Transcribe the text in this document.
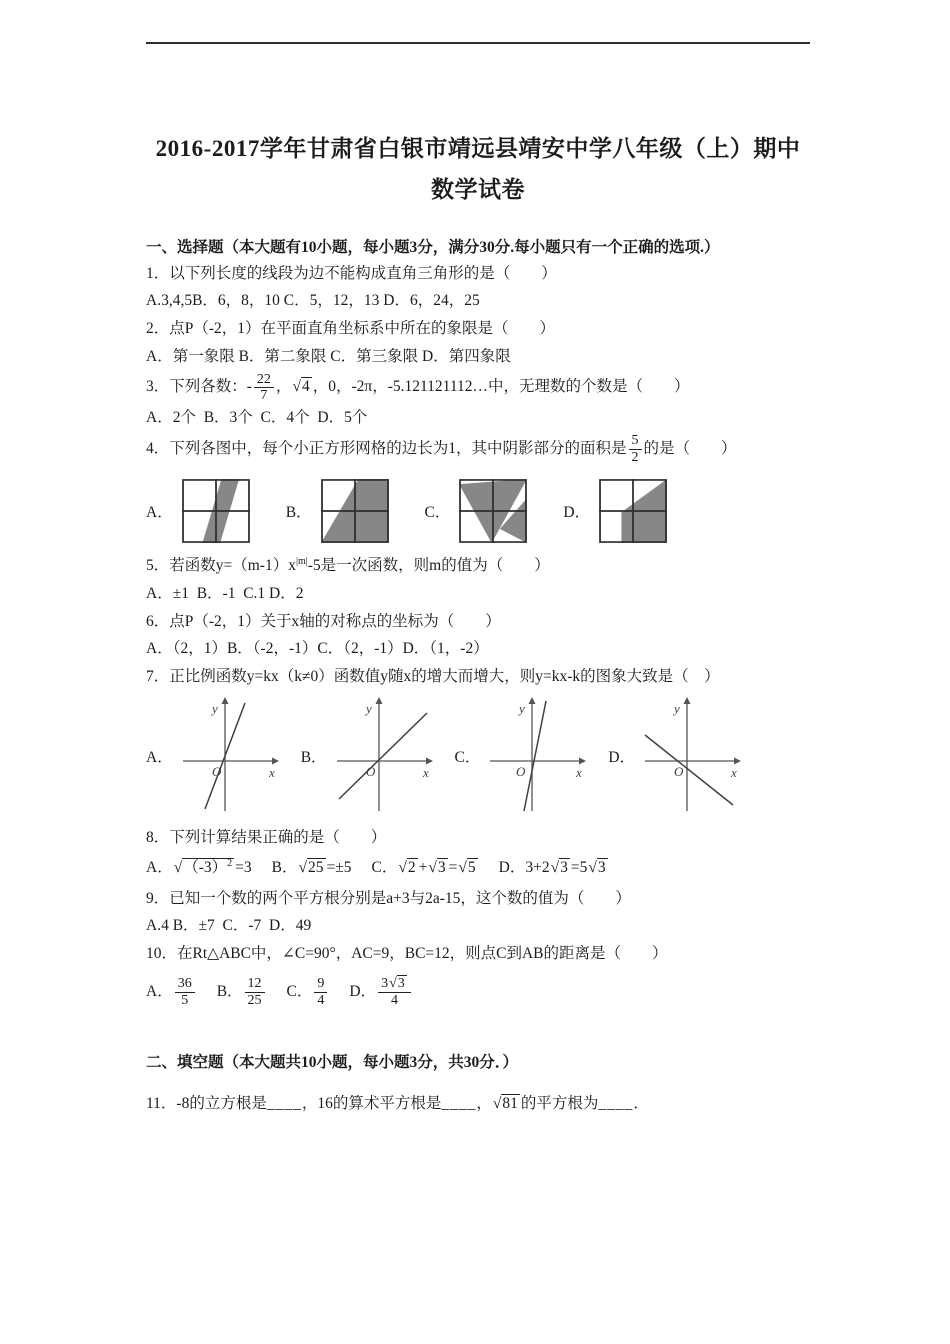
2016-2017学年甘肃省白银市靖远县靖安中学八年级（上）期中
数学试卷

一、选择题（本大题有10小题，每小题3分，满分30分.每小题只有一个正确的选项.）

1．以下列长度的线段为边不能构成直角三角形的是（　　）

A.3,4,5B．6，8，10 C．5，12，13 D．6，24，25

2．点P（-2，1）在平面直角坐标系中所在的象限是（　　）

A．第一象限 B．第二象限 C．第三象限 D．第四象限

3．下列各数：- $\frac{22}{7}$ ，√4 ，0，-2π，-5.121121112…中，无理数的个数是（　　）

A．2个  B．3个  C．4个  D．5个

4．下列各图中，每个小正方形网格的边长为1，其中阴影部分的面积是 $\frac{5}{2}$ 的是（　　）

A．	B．	C．	D．

5．若函数$y=(m-1)x^{|m|}-5$是一次函数，则m的值为（　　）

A．±1  B．-1  C.1 D．2

6．点P（-2，1）关于x轴的对称点的坐标为（　　）

A．（2，1）B．（-2，-1）C．（2，-1）D．（1，-2）

7．正比例函数y=kx（k≠0）函数值y随x的增大而增大，则y=kx-k的图象大致是（　）

A．
y
x
O
B．
y
x
O
C．
y
x
O
D．
y
x
O

8．下列计算结果正确的是（　　）

A．$√(-3)^2 =3$ B．√25 =±5 C．√2 +√3 =√5 D．3+2√3 =5√3

9．已知一个数的两个平方根分别是a+3与2a-15，这个数的值为（　　）

A.4 B．±7  C．-7  D．49

10．在Rt△ABC中，∠C=90°，AC=9，BC=12，则点C到AB的距离是（　　）

A． $\frac{36}{5}$ B． $\frac{12}{25}$ C． $\frac{9}{4}$ D． $\frac{3√3}{4}$

二、填空题（本大题共10小题，每小题3分，共30分．）

11．-8的立方根是____，16的算术平方根是____，√81 的平方根为____．
